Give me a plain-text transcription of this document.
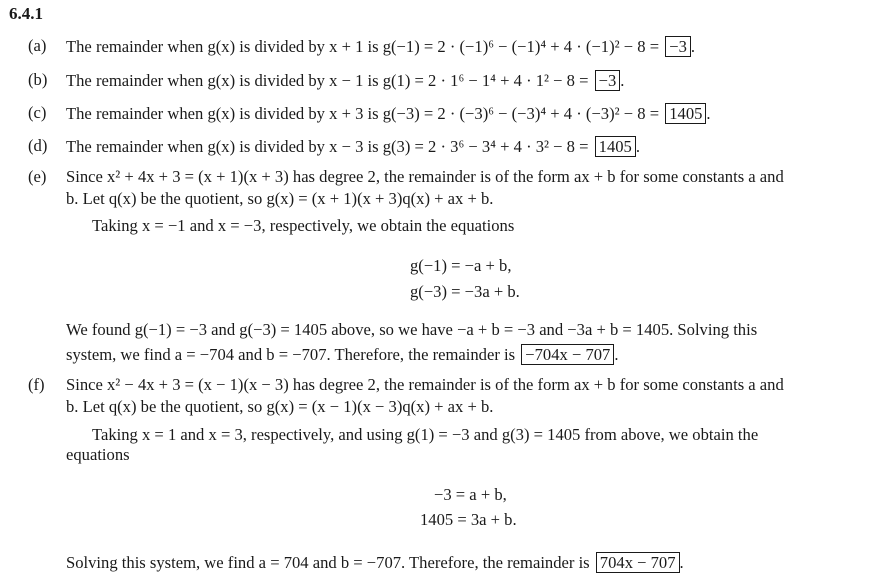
6.4.1
(a) The remainder when g(x) is divided by x + 1 is g(−1) = 2 · (−1)⁶ − (−1)⁴ + 4 · (−1)² − 8 = −3 .
(b) The remainder when g(x) is divided by x − 1 is g(1) = 2 · 1⁶ − 1⁴ + 4 · 1² − 8 = −3 .
(c) The remainder when g(x) is divided by x + 3 is g(−3) = 2 · (−3)⁶ − (−3)⁴ + 4 · (−3)² − 8 = 1405 .
(d) The remainder when g(x) is divided by x − 3 is g(3) = 2 · 3⁶ − 3⁴ + 4 · 3² − 8 = 1405 .
(e) Since x² + 4x + 3 = (x + 1)(x + 3) has degree 2, the remainder is of the form ax + b for some constants a and
b. Let q(x) be the quotient, so g(x) = (x + 1)(x + 3)q(x) + ax + b.
Taking x = −1 and x = −3, respectively, we obtain the equations
g(−1) = −a + b,
g(−3) = −3a + b.
We found g(−1) = −3 and g(−3) = 1405 above, so we have −a + b = −3 and −3a + b = 1405. Solving this
system, we find a = −704 and b = −707. Therefore, the remainder is −704x − 707 .
(f) Since x² − 4x + 3 = (x − 1)(x − 3) has degree 2, the remainder is of the form ax + b for some constants a and
b. Let q(x) be the quotient, so g(x) = (x − 1)(x − 3)q(x) + ax + b.
Taking x = 1 and x = 3, respectively, and using g(1) = −3 and g(3) = 1405 from above, we obtain the
equations
−3 = a + b,
1405 = 3a + b.
Solving this system, we find a = 704 and b = −707. Therefore, the remainder is 704x − 707 .
